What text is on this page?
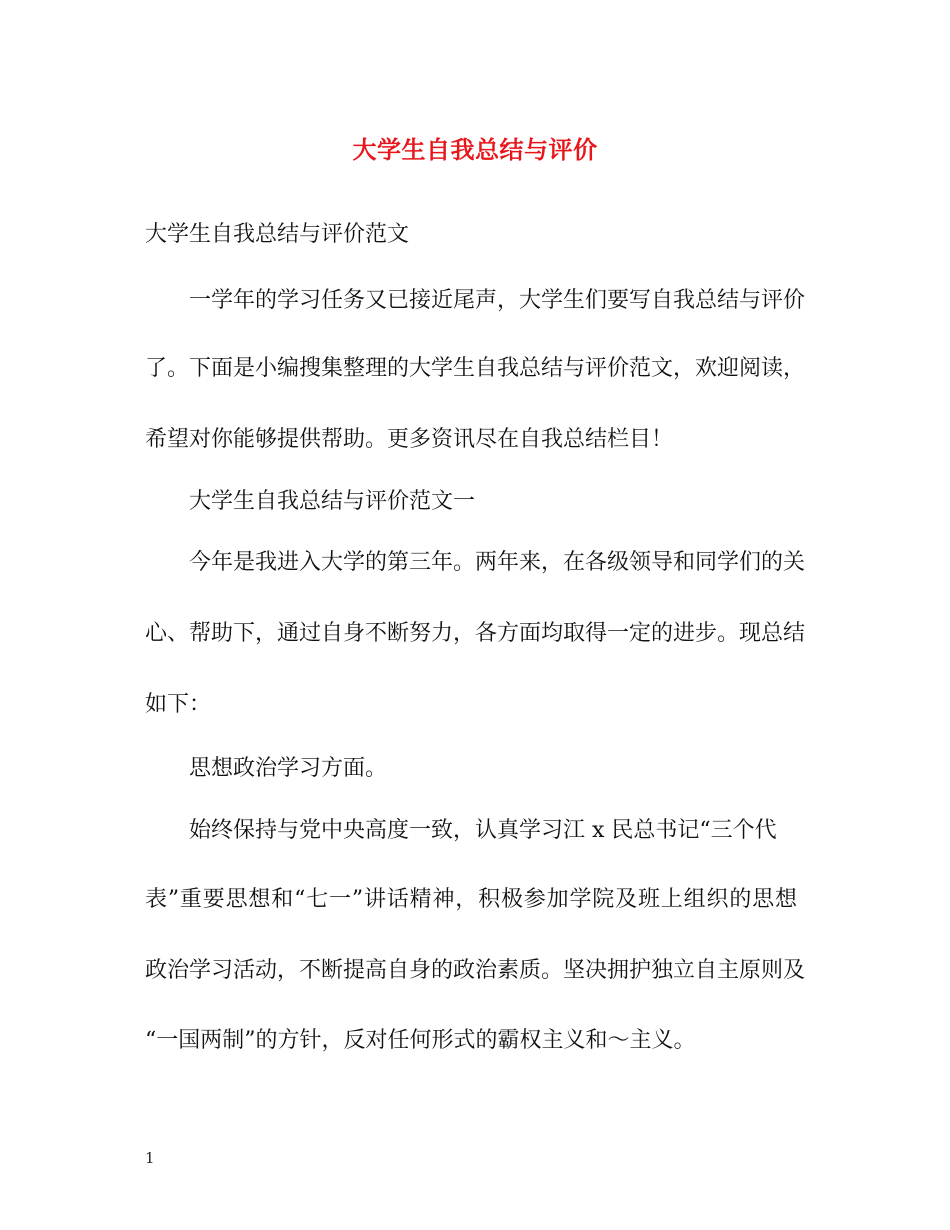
大学生自我总结与评价
大学生自我总结与评价范文
一学年的学习任务又已接近尾声，大学生们要写自我总结与评价
了。下面是小编搜集整理的大学生自我总结与评价范文，欢迎阅读，
希望对你能够提供帮助。更多资讯尽在自我总结栏目！
大学生自我总结与评价范文一
今年是我进入大学的第三年。两年来，在各级领导和同学们的关
心、帮助下，通过自身不断努力，各方面均取得一定的进步。现总结
如下：
思想政治学习方面。
始终保持与党中央高度一致，认真学习江 x 民总书记“三个代
表”重要思想和“七一”讲话精神，积极参加学院及班上组织的思想
政治学习活动，不断提高自身的政治素质。坚决拥护独立自主原则及
“一国两制”的方针，反对任何形式的霸权主义和～主义。
1
